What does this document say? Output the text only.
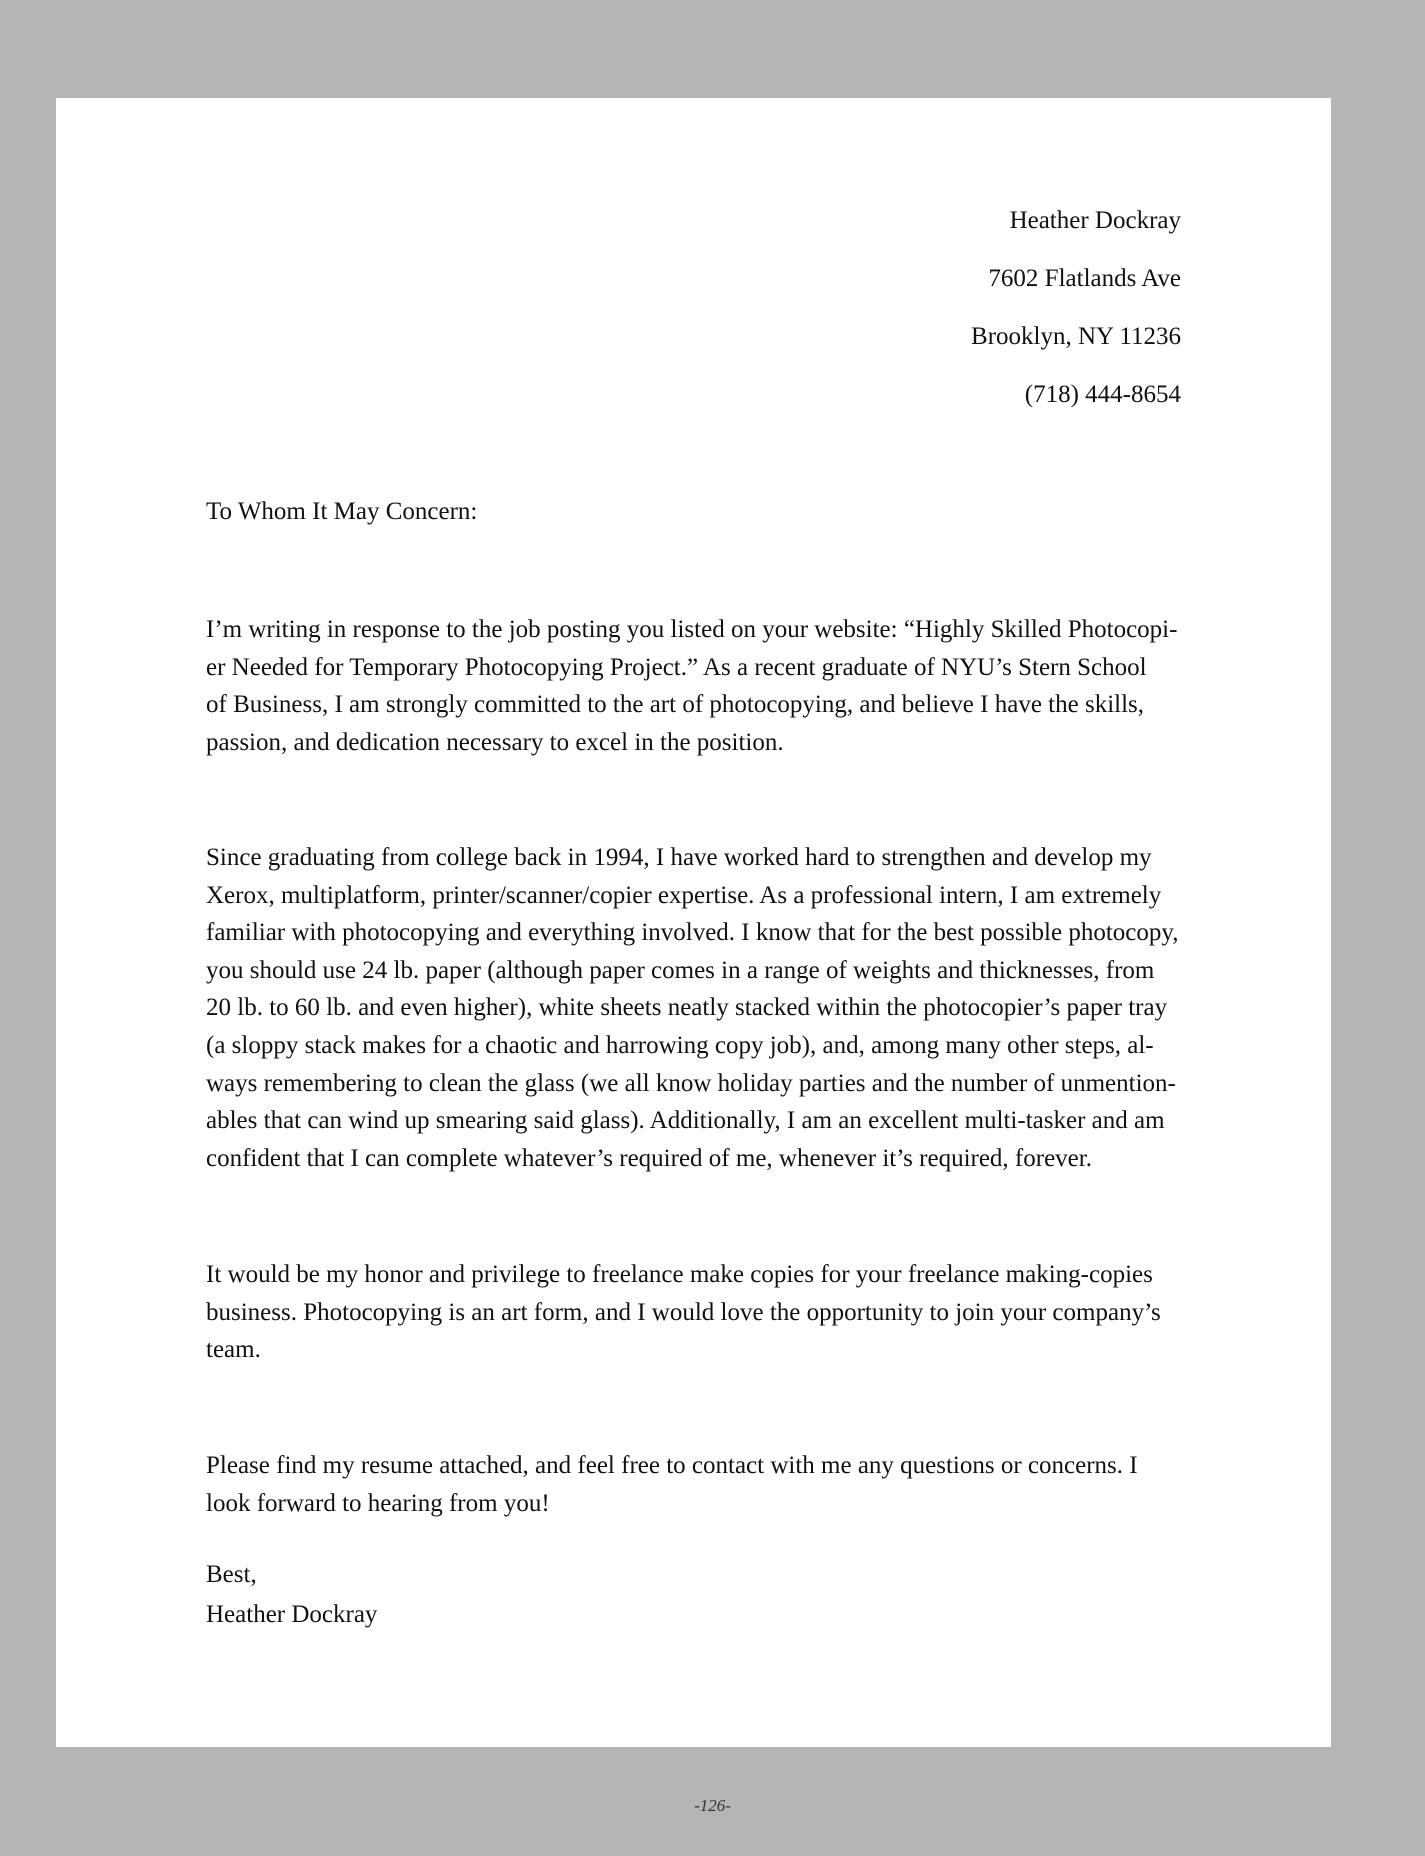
Heather Dockray
7602 Flatlands Ave
Brooklyn, NY 11236
(718) 444-8654

To Whom It May Concern:

I’m writing in response to the job posting you listed on your website: “Highly Skilled Photocopi-
er Needed for Temporary Photocopying Project.” As a recent graduate of NYU’s Stern School
of Business, I am strongly committed to the art of photocopying, and believe I have the skills,
passion, and dedication necessary to excel in the position.

Since graduating from college back in 1994, I have worked hard to strengthen and develop my
Xerox, multiplatform, printer/scanner/copier expertise. As a professional intern, I am extremely
familiar with photocopying and everything involved. I know that for the best possible photocopy,
you should use 24 lb. paper (although paper comes in a range of weights and thicknesses, from
20 lb. to 60 lb. and even higher), white sheets neatly stacked within the photocopier’s paper tray
(a sloppy stack makes for a chaotic and harrowing copy job), and, among many other steps, al-
ways remembering to clean the glass (we all know holiday parties and the number of unmention-
ables that can wind up smearing said glass). Additionally, I am an excellent multi-tasker and am
confident that I can complete whatever’s required of me, whenever it’s required, forever.

It would be my honor and privilege to freelance make copies for your freelance making-copies
business. Photocopying is an art form, and I would love the opportunity to join your company’s
team.

Please find my resume attached, and feel free to contact with me any questions or concerns. I
look forward to hearing from you!

Best,
Heather Dockray
-126-
